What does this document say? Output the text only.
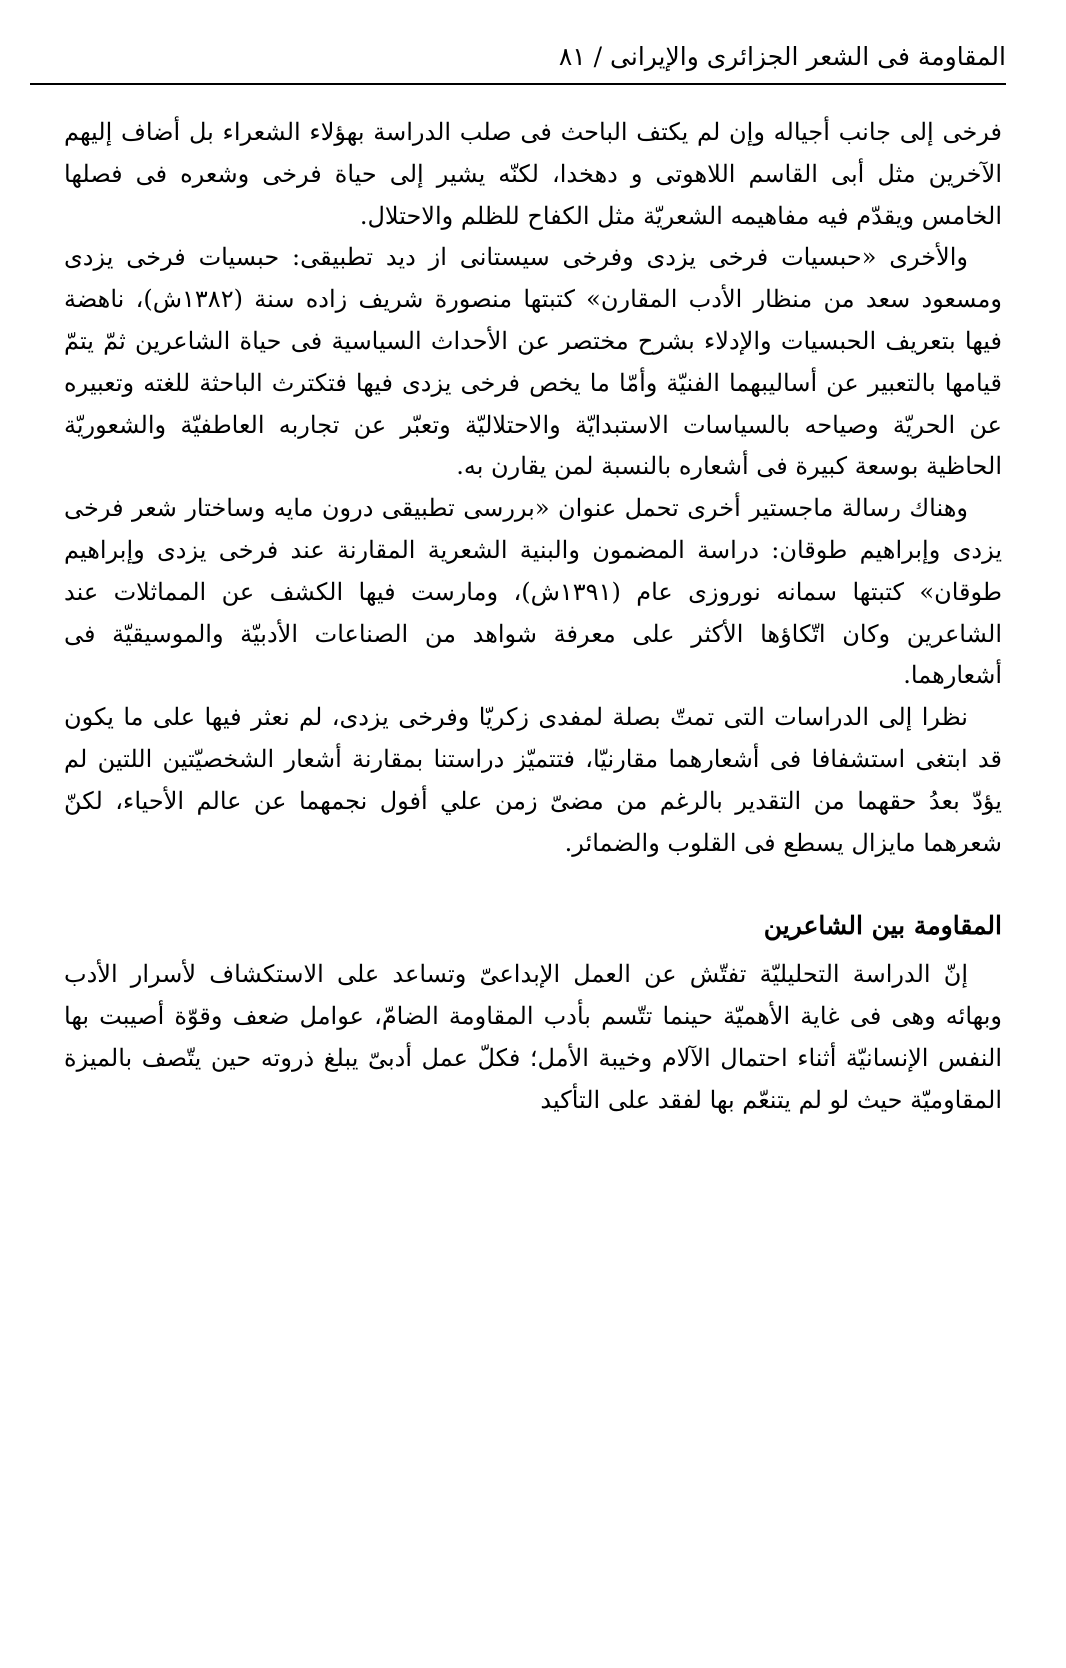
المقاومة فى الشعر الجزائرى والإيرانى / ٨١

فرخى إلى جانب أجياله وإن لم يكتف الباحث فى صلب الدراسة بهؤلاء الشعراء بل أضاف إليهم الآخرين مثل أبى القاسم اللاهوتى و دهخدا، لكنّه يشير إلى حياة فرخى وشعره فى فصلها الخامس ويقدّم فيه مفاهيمه الشعريّة مثل الكفاح للظلم والاحتلال.

والأخرى «حبسيات فرخى يزدى وفرخى سيستانى از ديد تطبيقى: حبسيات فرخى يزدى ومسعود سعد من منظار الأدب المقارن» كتبتها منصورة شريف زاده سنة (١٣٨٢ش)، ناهضة فيها بتعريف الحبسيات والإدلاء بشرح مختصر عن الأحداث السياسية فى حياة الشاعرين ثمّ يتمّ قيامها بالتعبير عن أساليبهما الفنيّة وأمّا ما يخص فرخى يزدى فيها فتكترث الباحثة للغته وتعبيره عن الحريّة وصياحه بالسياسات الاستبدايّة والاحتلاليّة وتعبّر عن تجاربه العاطفيّة والشعوريّة الحاظية بوسعة كبيرة فى أشعاره بالنسبة لمن يقارن به.

وهناك رسالة ماجستير أخرى تحمل عنوان «بررسى تطبيقى درون مايه وساختار شعر فرخى يزدى وإبراهيم طوقان: دراسة المضمون والبنية الشعرية المقارنة عند فرخى يزدى وإبراهيم طوقان» كتبتها سمانه نوروزى عام (١٣٩١ش)، ومارست فيها الكشف عن المماثلات عند الشاعرين وكان اتّكاؤها الأكثر على معرفة شواهد من الصناعات الأدبيّة والموسيقيّة فى أشعارهما.

نظرا إلى الدراسات التى تمتّ بصلة لمفدى زكريّا وفرخى يزدى، لم نعثر فيها على ما يكون قد ابتغى استشفافا فى أشعارهما مقارنيّا، فتتميّز دراستنا بمقارنة أشعار الشخصيّتين اللتين لم يؤدّ بعدُ حقهما من التقدير بالرغم من مضىّ زمن علي أفول نجمهما عن عالم الأحياء، لكنّ شعرهما مايزال يسطع فى القلوب والضمائر.

المقاومة بين الشاعرين

إنّ الدراسة التحليليّة تفتّش عن العمل الإبداعىّ وتساعد على الاستكشاف لأسرار الأدب وبهائه وهى فى غاية الأهميّة حينما تتّسم بأدب المقاومة الضامّ، عوامل ضعف وقوّة أصيبت بها النفس الإنسانيّة أثناء احتمال الآلام وخيبة الأمل؛ فكلّ عمل أدبىّ يبلغ ذروته حين يتّصف بالميزة المقاوميّة حيث لو لم يتنعّم بها لفقد على التأكيد
